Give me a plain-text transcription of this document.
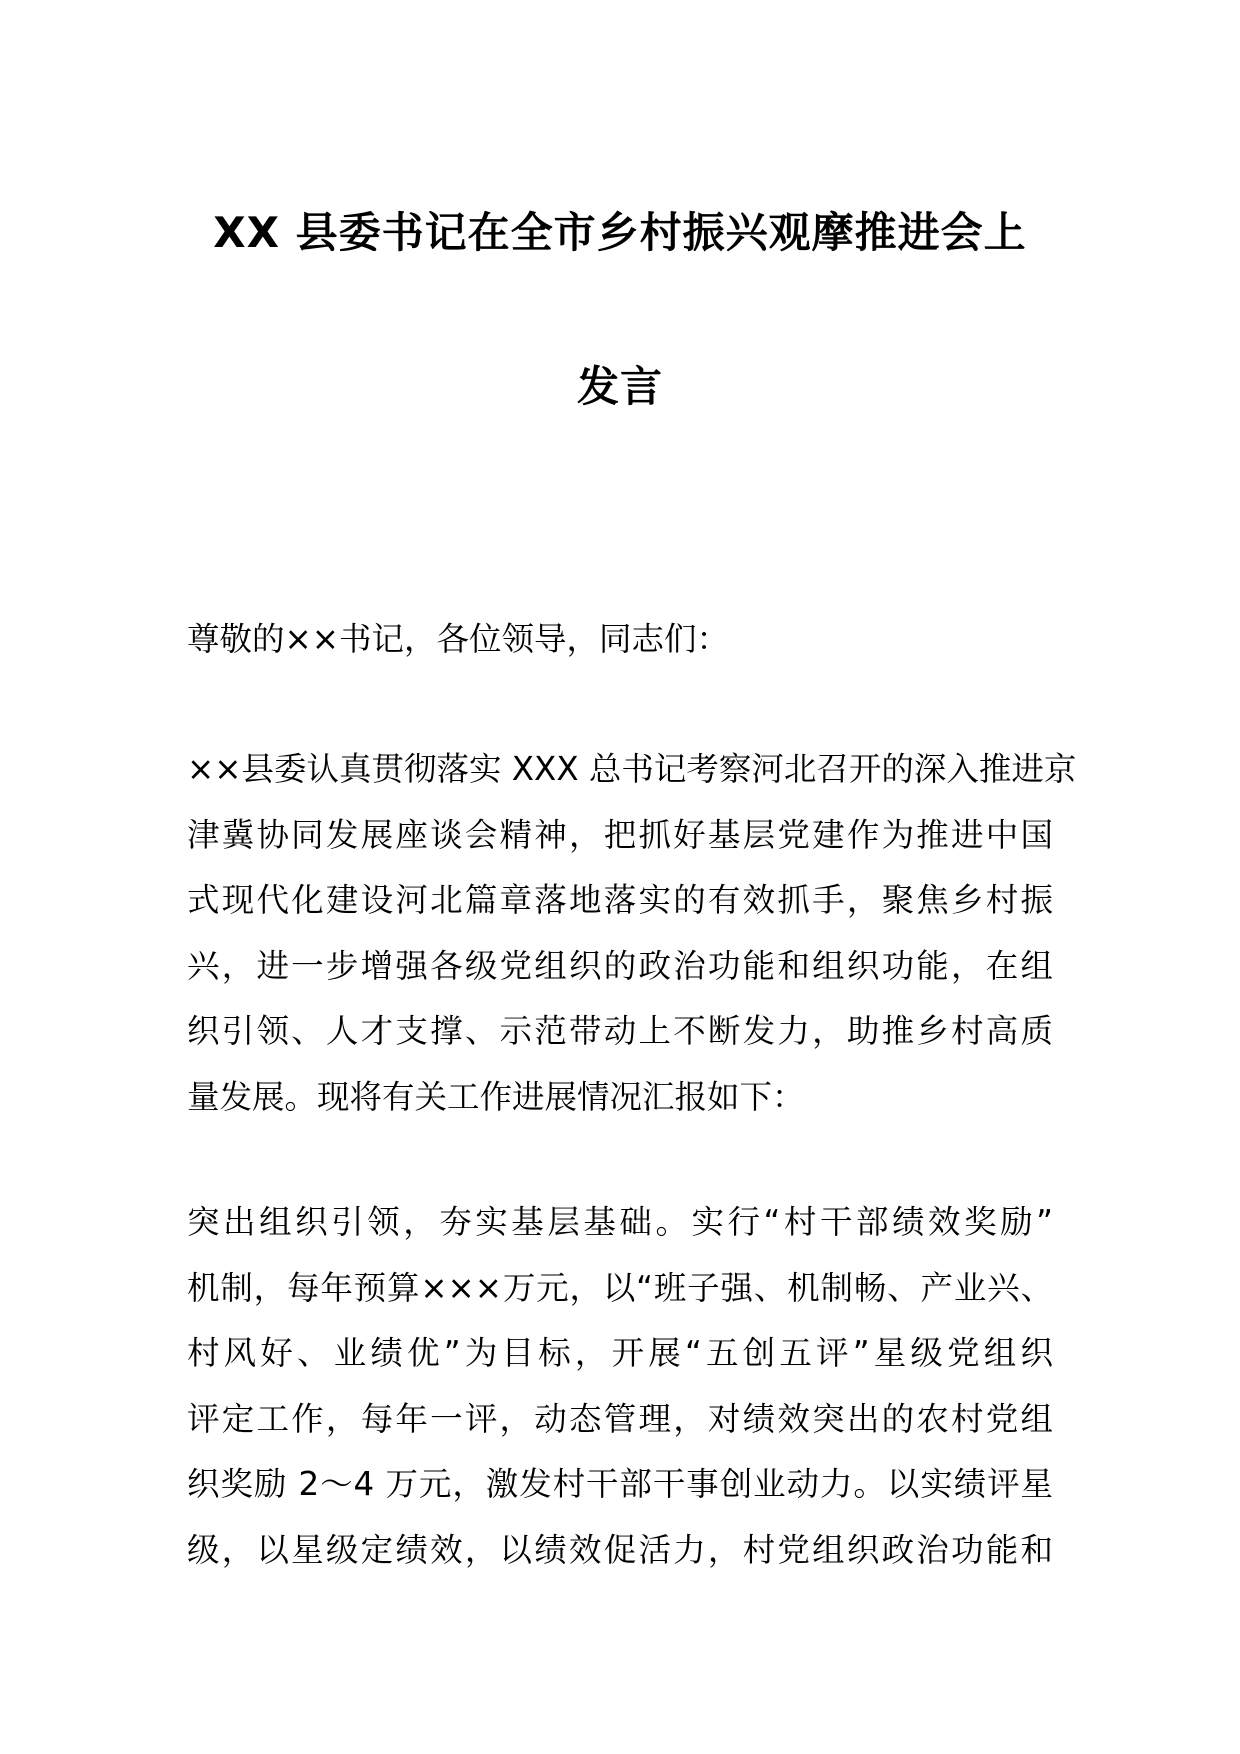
XX 县委书记在全市乡村振兴观摩推进会上
发言
尊敬的××书记，各位领导，同志们：
××县委认真贯彻落实 XXX 总书记考察河北召开的深入推进京
津冀协同发展座谈会精神，把抓好基层党建作为推进中国
式现代化建设河北篇章落地落实的有效抓手，聚焦乡村振
兴，进一步增强各级党组织的政治功能和组织功能，在组
织引领、人才支撑、示范带动上不断发力，助推乡村高质
量发展。现将有关工作进展情况汇报如下：
突出组织引领，夯实基层基础。实行“村干部绩效奖励”
机制，每年预算×××万元，以“班子强、机制畅、产业兴、
村风好、业绩优”为目标，开展“五创五评”星级党组织
评定工作，每年一评，动态管理，对绩效突出的农村党组
织奖励 2～4 万元，激发村干部干事创业动力。以实绩评星
级，以星级定绩效，以绩效促活力，村党组织政治功能和
